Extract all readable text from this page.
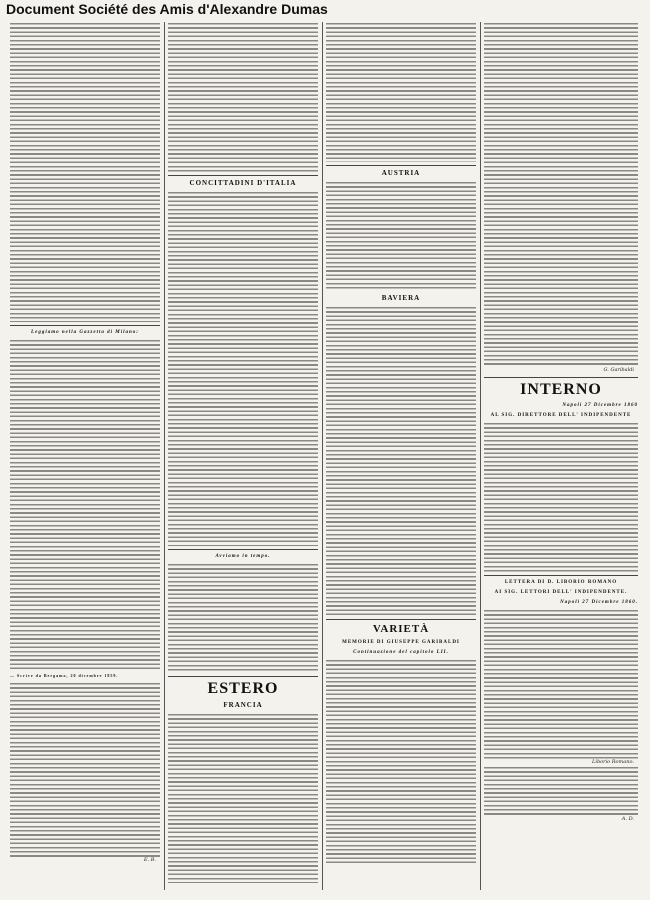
Document Société des Amis d'Alexandre Dumas
Leggiamo nella Gazzetta di Milano:
— Scrive da Bergamo, 20 dicembre 1859.
E. B.
CONCITTADINI D'ITALIA
Avviamo in tempo.
ESTERO
FRANCIA
AUSTRIA
BAVIERA
VARIETÀ
MEMORIE DI GIUSEPPE GARIBALDI
Continuazione del capitolo LII.
G. Garibaldi
INTERNO
Napoli 27 Dicembre 1860
AL SIG. DIRETTORE DELL' INDIPENDENTE
LETTERA DI D. LIBORIO ROMANO
AI SIG. LETTORI DELL' INDIPENDENTE.
Napoli 27 Dicembre 1860.
Liborio Romano.
A. D.
